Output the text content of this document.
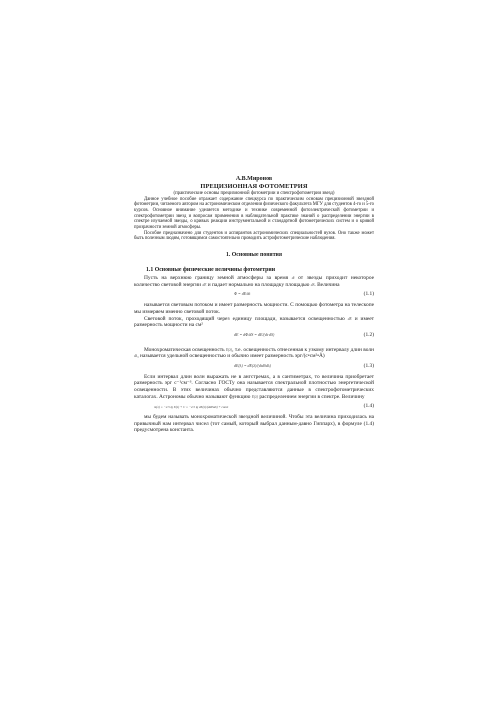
А.В.Миронов
ПРЕЦИЗИОННАЯ ФОТОМЕТРИЯ
(практические основы прецизионной фотометрии и спектрофотометрии звезд)

Данное учебное пособие отражает содержание спецкурса по практическим основам прецизионной звездной фотометрии, читаемого автором на астрономическом отделении физического факультета МГУ для студентов 4-го и 5-го курсов. Основное внимание уделяется методике и технике современной фотоэлектрической фотометрии и спектрофотометрии звезд и вопросам применения в наблюдательной практике знаний о распределении энергии в спектре изучаемой звезды, о кривых реакции инструментальной и стандартной фотометрических систем и о кривой прозрачности земной атмосферы.

Пособие предназначено для студентов и аспирантов астрономических специальностей вузов. Оно также может быть полезным людям, готовящимся самостоятельно проводить астрофотометрические наблюдения.

1. Основные понятия
1.1 Основные физические величины фотометрии

Пусть на верхнюю границу земной атмосферы за время dt от звезды приходит некоторое количество световой энергии dE и падает нормально на площадку площадью dS. Величина

Φ = dE/dt	(1.1)

называется световым потоком и имеет размерность мощности. С помощью фотометра на телескопе мы измеряем именно световой поток.

Световой поток, проходящий через единицу площади, называется освещенностью dE и имеет размерность мощности на см²

dE = dΦ/dS = dE/(dt·dS)	(1.2)

Монохроматическая освещенность E(λ), т.е. освещенность отнесенная к узкому интервалу длин волн dλ, называется удельной освещенностью и обычно имеет размерность эрг/(с•см²•Å)

dE(λ) = dE(λ)/(dtdSdλ)	(1.3)

Если интервал длин волн выражать не в ангстремах, а в сантиметрах, то величина приобретает размерность эрг с⁻¹см⁻³. Согласно ГОСТу она называется спектральной плотностью энергетической освещенности. В этих величинах обычно представляются данные в спектрофотометрических каталогах. Астрономы обычно называют функцию E(λ) распределением энергии в спектре. Величину

m(λ) = −2.5 lg E(λ) + C = −2.5 lg dE(λ)/(dtdSdλ) + const	(1.4)

мы будем называть монохроматической звездной величиной. Чтобы эта величина приходилась на привычный нам интервал чисел (тот самый, который выбрал данным-давно Гиппарх), в формуле (1.4) предусмотрена константа.
